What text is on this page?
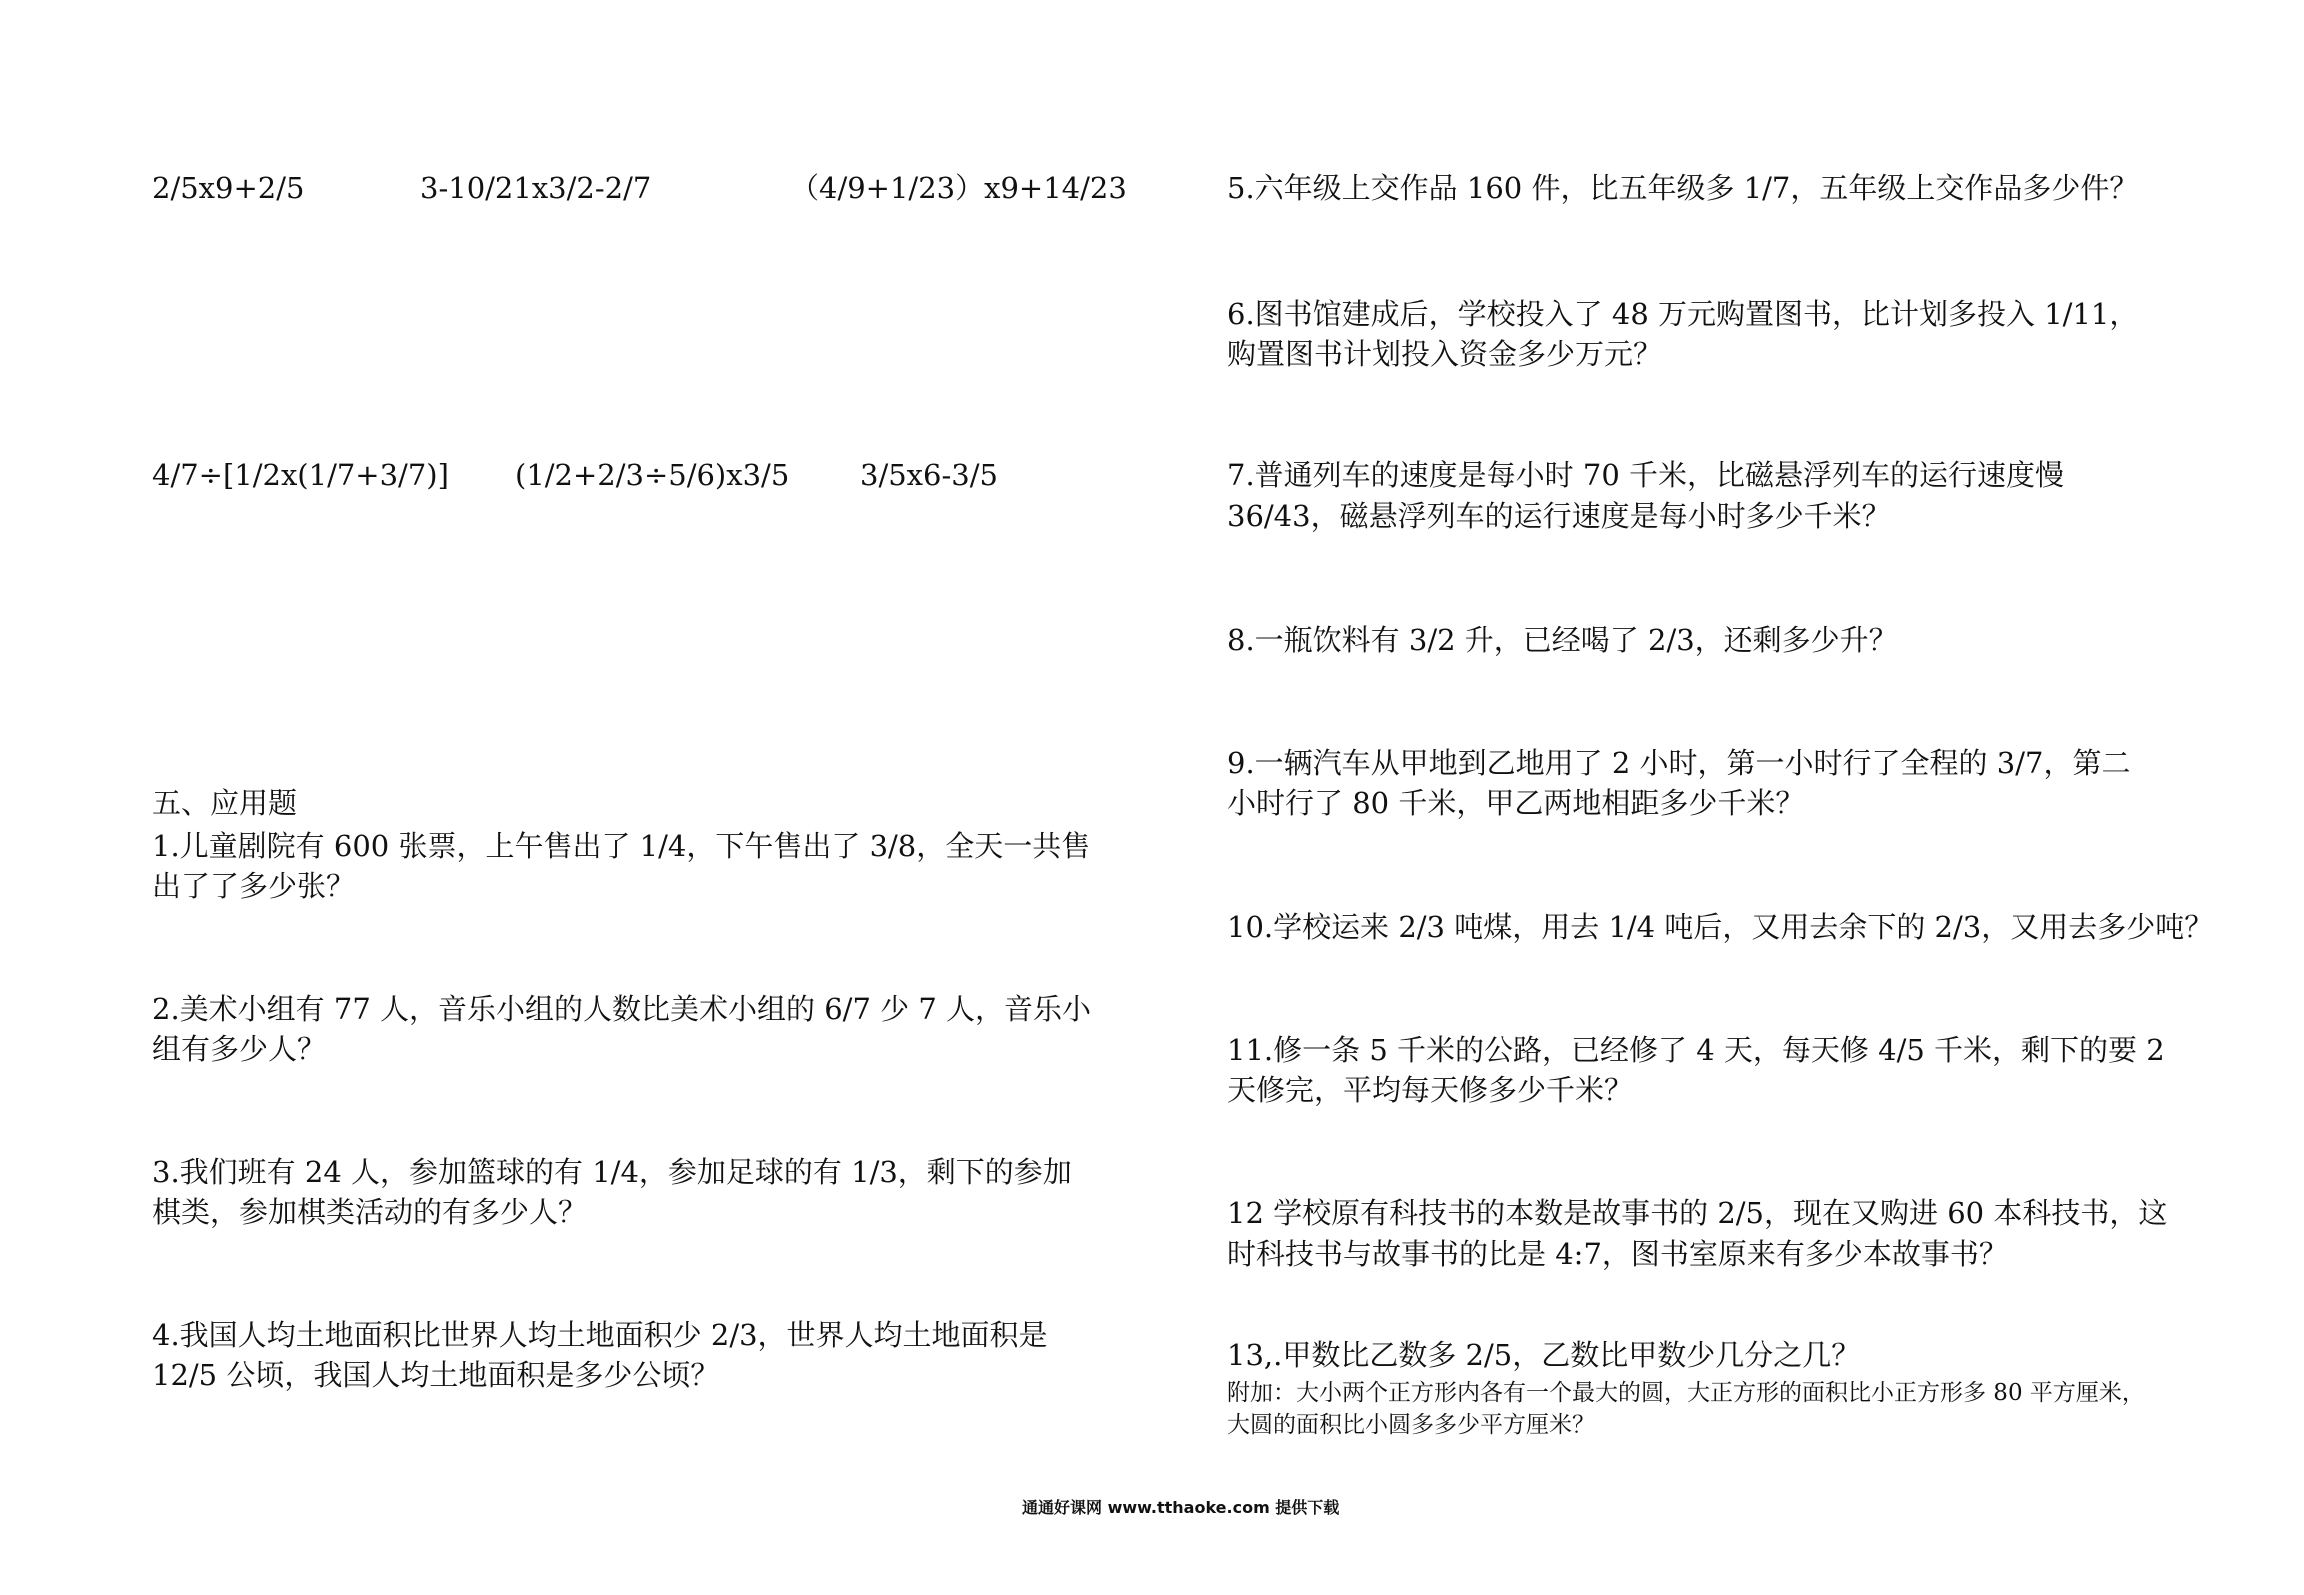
2/5x9+2/5	3-10/21x3/2-2/7	（4/9+1/23）x9+14/23
4/7÷[1/2x(1/7+3/7)] (1/2+2/3÷5/6)x3/5 3/5x6-3/5
五、应用题
1.儿童剧院有 600 张票，上午售出了 1/4，下午售出了 3/8，全天一共售
出了了多少张？
2.美术小组有 77 人，音乐小组的人数比美术小组的 6/7 少 7 人，音乐小
组有多少人？
3.我们班有 24 人，参加篮球的有 1/4，参加足球的有 1/3，剩下的参加
棋类，参加棋类活动的有多少人？
4.我国人均土地面积比世界人均土地面积少 2/3，世界人均土地面积是
12/5 公顷，我国人均土地面积是多少公顷？
5.六年级上交作品 160 件，比五年级多 1/7，五年级上交作品多少件？
6.图书馆建成后，学校投入了 48 万元购置图书，比计划多投入 1/11，
购置图书计划投入资金多少万元？
7.普通列车的速度是每小时 70 千米，比磁悬浮列车的运行速度慢
36/43，磁悬浮列车的运行速度是每小时多少千米？
8.一瓶饮料有 3/2 升，已经喝了 2/3，还剩多少升？
9.一辆汽车从甲地到乙地用了 2 小时，第一小时行了全程的 3/7，第二
小时行了 80 千米，甲乙两地相距多少千米？
10.学校运来 2/3 吨煤，用去 1/4 吨后，又用去余下的 2/3，又用去多少吨？
11.修一条 5 千米的公路，已经修了 4 天，每天修 4/5 千米，剩下的要 2
天修完，平均每天修多少千米？
12 学校原有科技书的本数是故事书的 2/5，现在又购进 60 本科技书，这
时科技书与故事书的比是 4:7，图书室原来有多少本故事书？
13,.甲数比乙数多 2/5，乙数比甲数少几分之几？
附加：大小两个正方形内各有一个最大的圆，大正方形的面积比小正方形多 80 平方厘米，
大圆的面积比小圆多多少平方厘米？
通通好课网 www.tthaoke.com 提供下载
